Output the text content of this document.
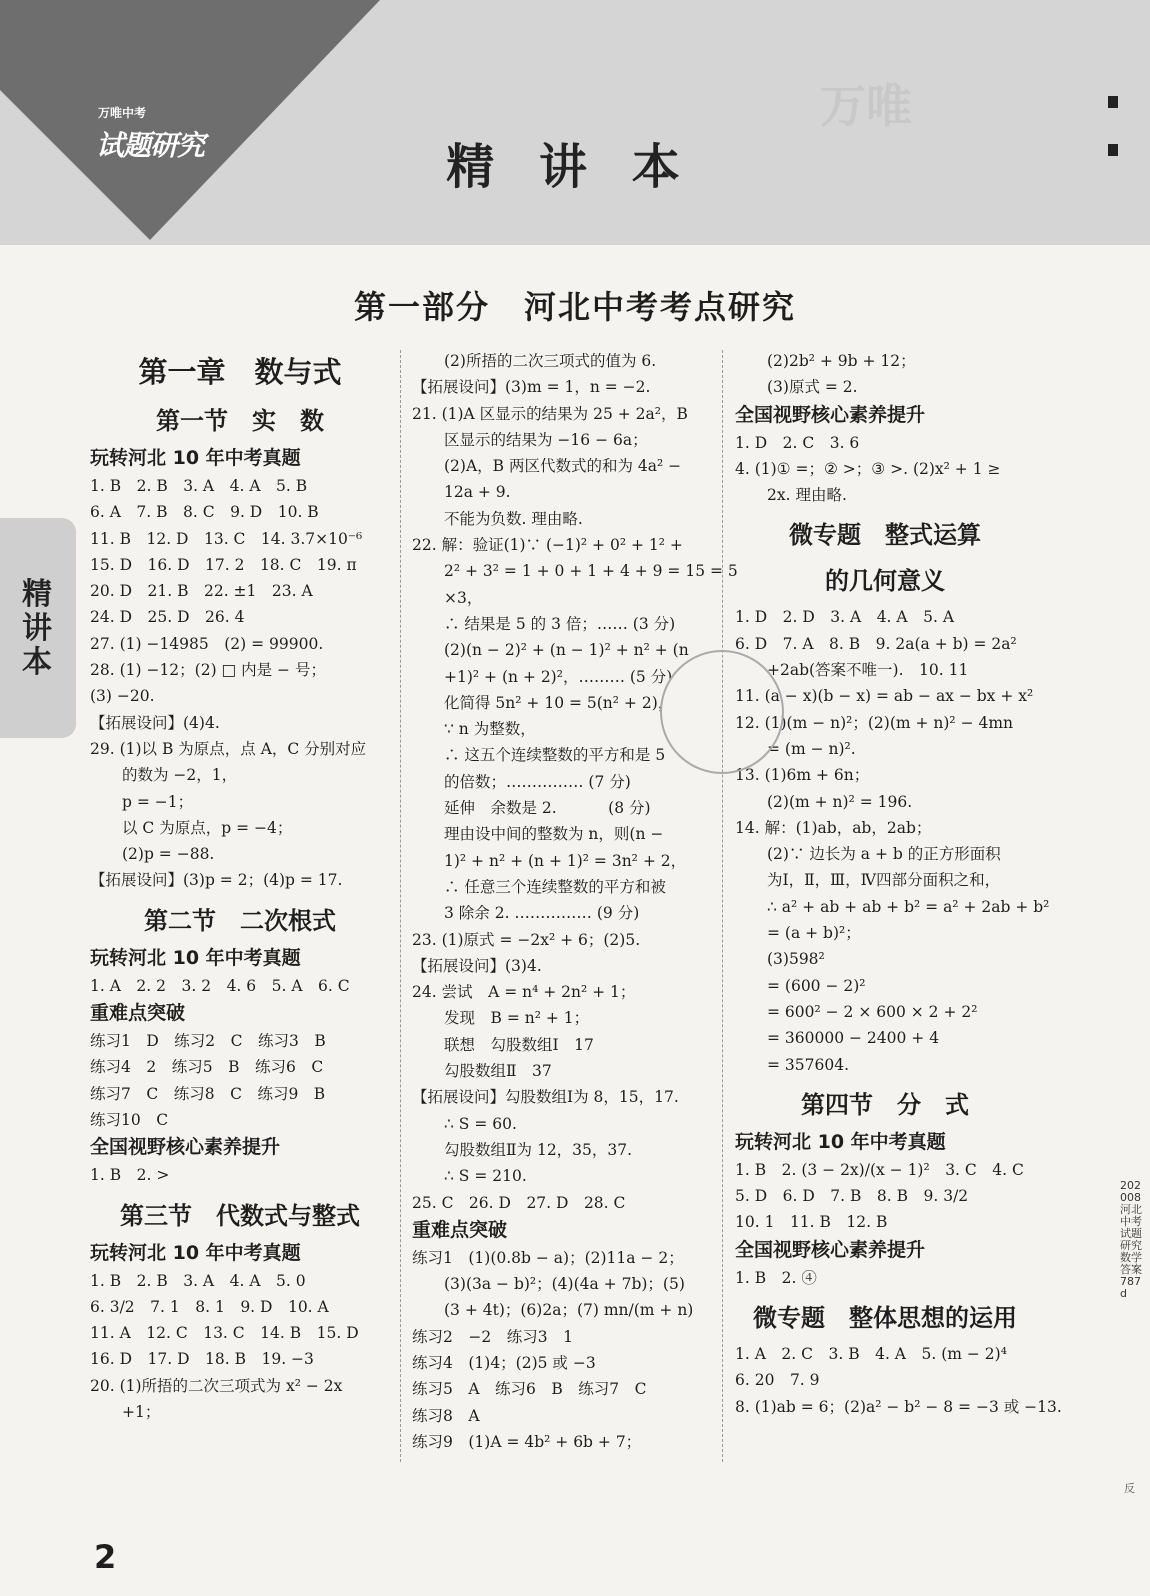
万唯中考
试题研究
万唯
精 讲 本
第一部分　河北中考考点研究
精讲本
第一章　数与式
第一节　实　数
玩转河北 10 年中考真题
1. B　2. B　3. A　4. A　5. B
6. A　7. B　8. C　9. D　10. B
11. B　12. D　13. C　14. 3.7×10⁻⁶
15. D　16. D　17. 2　18. C　19. π
20. D　21. B　22. ±1　23. A
24. D　25. D　26. 4
27. (1) −14985　(2) = 99900.
28. (1) −12；(2) □ 内是 − 号；
(3) −20.
【拓展设问】(4)4.
29. (1)以 B 为原点，点 A，C 分别对应
的数为 −2，1，
p = −1；
以 C 为原点，p = −4；
(2)p = −88.
【拓展设问】(3)p = 2；(4)p = 17.
第二节　二次根式
玩转河北 10 年中考真题
1. A　2. 2　3. 2　4. 6　5. A　6. C
重难点突破
练习1　D　练习2　C　练习3　B
练习4　2　练习5　B　练习6　C
练习7　C　练习8　C　练习9　B
练习10　C
全国视野核心素养提升
1. B　2. >
第三节　代数式与整式
玩转河北 10 年中考真题
1. B　2. B　3. A　4. A　5. 0
6. 3/2　7. 1　8. 1　9. D　10. A
11. A　12. C　13. C　14. B　15. D
16. D　17. D　18. B　19. −3
20. (1)所捂的二次三项式为 x² − 2x
+1；
(2)所捂的二次三项式的值为 6.
【拓展设问】(3)m = 1，n = −2.
21. (1)A 区显示的结果为 25 + 2a²，B
区显示的结果为 −16 − 6a；
(2)A，B 两区代数式的和为 4a² −
12a + 9.
不能为负数. 理由略.
22. 解：验证(1)∵ (−1)² + 0² + 1² +
2² + 3² = 1 + 0 + 1 + 4 + 9 = 15 = 5
×3，
∴ 结果是 5 的 3 倍；…… (3 分)
(2)(n − 2)² + (n − 1)² + n² + (n
+1)² + (n + 2)²，……… (5 分)
化简得 5n² + 10 = 5(n² + 2)，
∵ n 为整数，
∴ 这五个连续整数的平方和是 5
的倍数；…………… (7 分)
延伸　余数是 2.　　　 (8 分)
理由设中间的整数为 n，则(n −
1)² + n² + (n + 1)² = 3n² + 2，
∴ 任意三个连续整数的平方和被
3 除余 2. …………… (9 分)
23. (1)原式 = −2x² + 6；(2)5.
【拓展设问】(3)4.
24. 尝试　A = n⁴ + 2n² + 1；
发现　B = n² + 1；
联想　勾股数组Ⅰ　17
勾股数组Ⅱ　37
【拓展设问】勾股数组Ⅰ为 8，15，17.
∴ S = 60.
勾股数组Ⅱ为 12，35，37.
∴ S = 210.
25. C　26. D　27. D　28. C
重难点突破
练习1　(1)(0.8b − a)；(2)11a − 2；
(3)(3a − b)²；(4)(4a + 7b)；(5)
(3 + 4t)；(6)2a；(7) mn/(m + n)
练习2　−2　练习3　1
练习4　(1)4；(2)5 或 −3
练习5　A　练习6　B　练习7　C
练习8　A
练习9　(1)A = 4b² + 6b + 7；
(2)2b² + 9b + 12；
(3)原式 = 2.
全国视野核心素养提升
1. D　2. C　3. 6
4. (1)① =；② >；③ >. (2)x² + 1 ≥
2x. 理由略.
微专题　整式运算
的几何意义
1. D　2. D　3. A　4. A　5. A
6. D　7. A　8. B　9. 2a(a + b) = 2a²
+2ab(答案不唯一).　10. 11
11. (a − x)(b − x) = ab − ax − bx + x²
12. (1)(m − n)²；(2)(m + n)² − 4mn
= (m − n)².
13. (1)6m + 6n；
(2)(m + n)² = 196.
14. 解：(1)ab，ab，2ab；
(2)∵ 边长为 a + b 的正方形面积
为Ⅰ，Ⅱ，Ⅲ，Ⅳ四部分面积之和，
∴ a² + ab + ab + b² = a² + 2ab + b²
= (a + b)²；
(3)598²
= (600 − 2)²
= 600² − 2 × 600 × 2 + 2²
= 360000 − 2400 + 4
= 357604.
第四节　分　式
玩转河北 10 年中考真题
1. B　2. (3 − 2x)/(x − 1)²　3. C　4. C
5. D　6. D　7. B　8. B　9. 3/2
10. 1　11. B　12. B
全国视野核心素养提升
1. B　2. ④
微专题　整体思想的运用
1. A　2. C　3. B　4. A　5. (m − 2)⁴
6. 20　7. 9
8. (1)ab = 6；(2)a² − b² − 8 = −3 或 −13.
2
202008河北中考试题研究数学答案787d
反
